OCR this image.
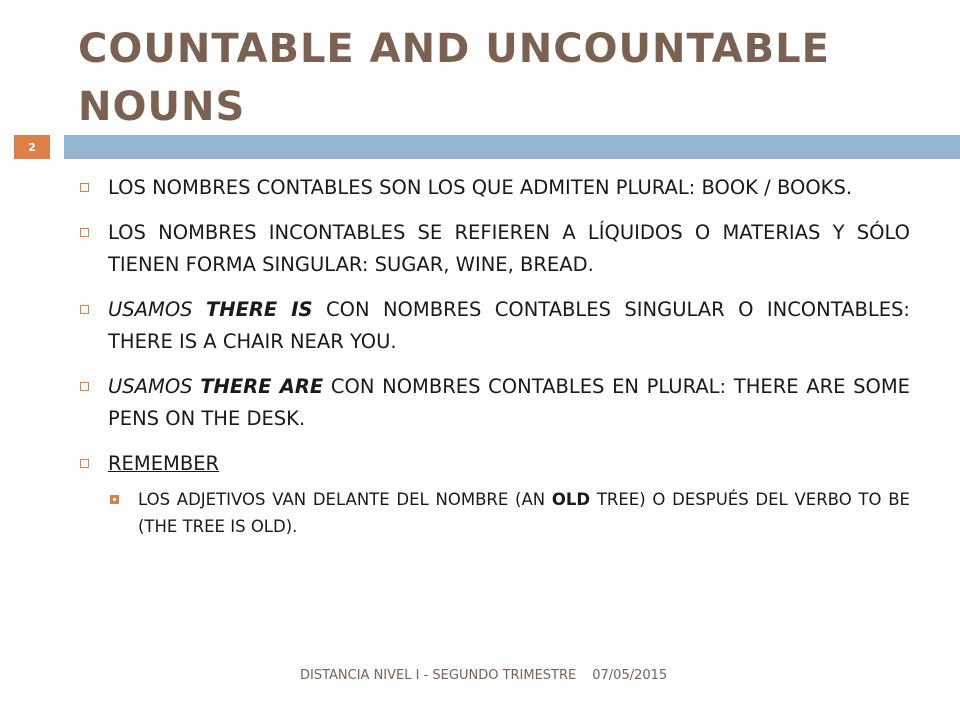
COUNTABLE AND UNCOUNTABLE
NOUNS
2
LOS NOMBRES CONTABLES SON LOS QUE ADMITEN PLURAL: BOOK / BOOKS.
LOS NOMBRES INCONTABLES SE REFIEREN A LÍQUIDOS O MATERIAS Y SÓLO TIENEN FORMA SINGULAR: SUGAR, WINE, BREAD.
USAMOS THERE IS CON NOMBRES CONTABLES SINGULAR O INCONTABLES: THERE IS A CHAIR NEAR YOU.
USAMOS THERE ARE CON NOMBRES CONTABLES EN PLURAL: THERE ARE SOME PENS ON THE DESK.
REMEMBER
LOS ADJETIVOS VAN DELANTE DEL NOMBRE (AN OLD TREE) O DESPUÉS DEL VERBO TO BE (THE TREE IS OLD).
DISTANCIA NIVEL I - SEGUNDO TRIMESTRE 07/05/2015
